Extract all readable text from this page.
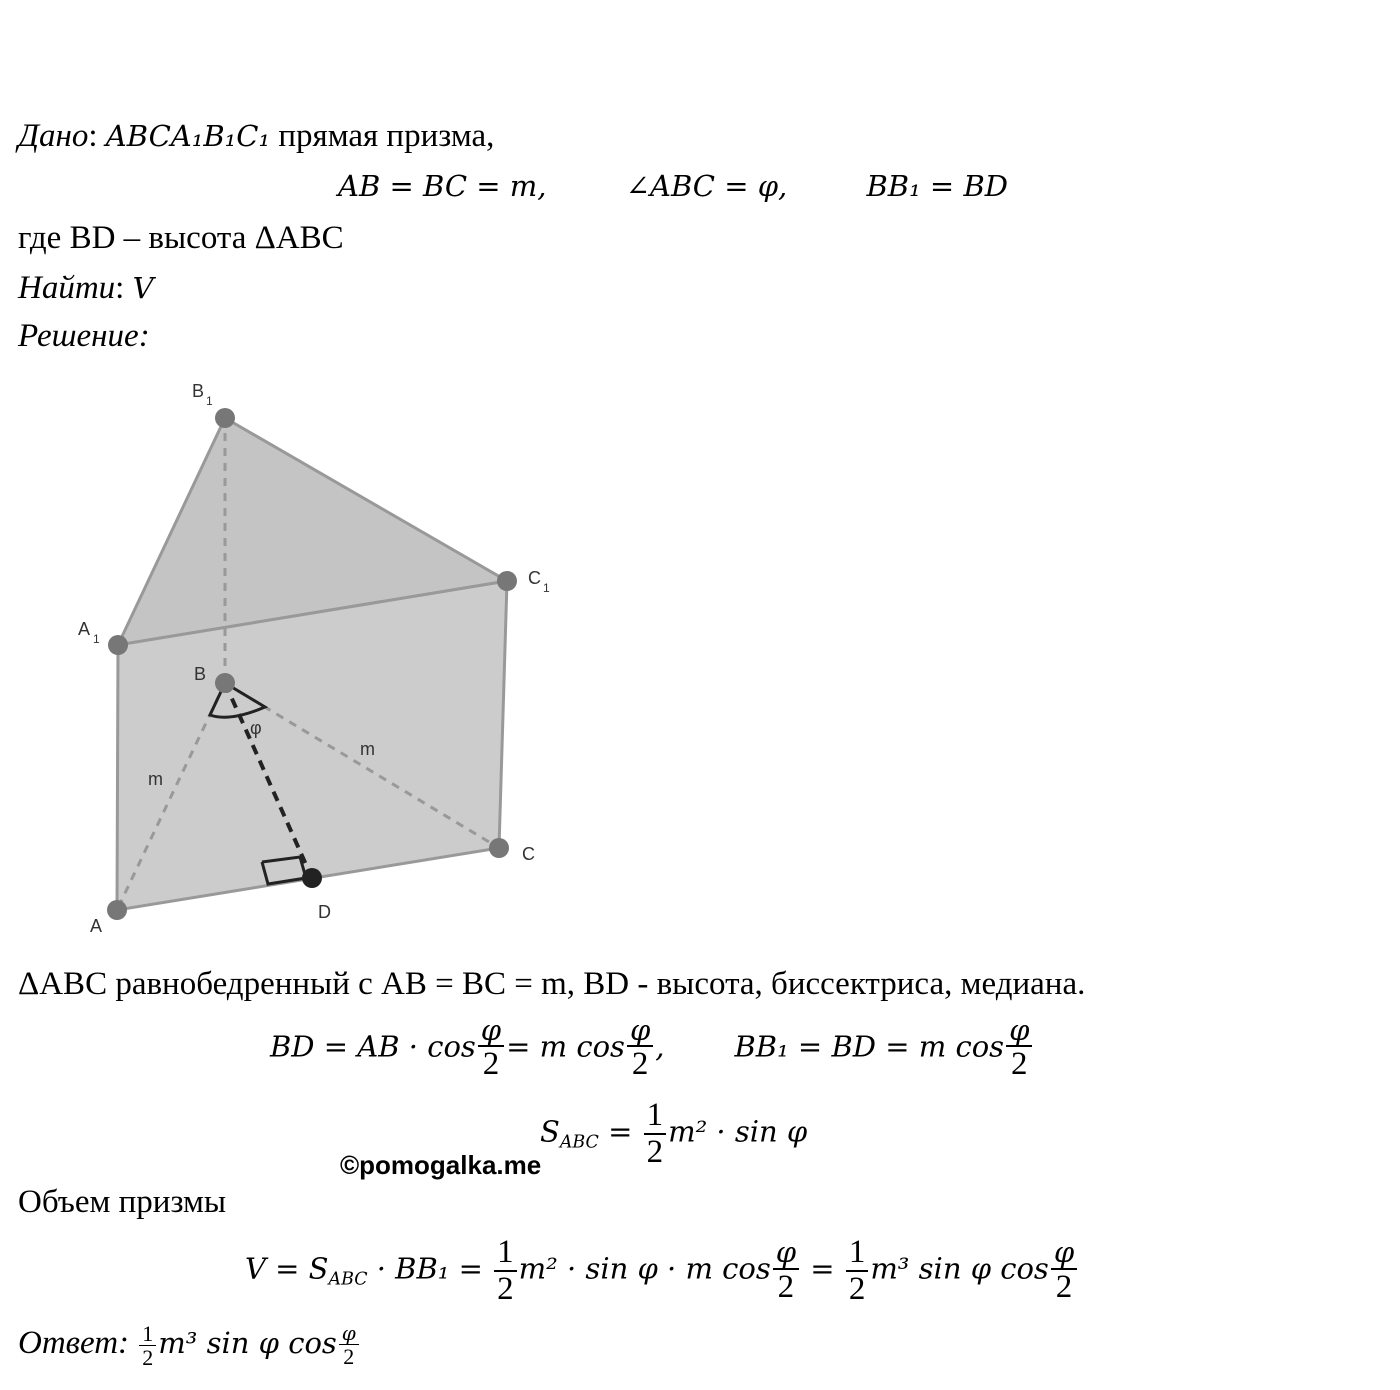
Дано: ABCA₁B₁C₁ прямая призма,
AB = BC = m,	∠ABC = φ,	BB₁ = BD
где BD – высота ΔABC
Найти: V
Решение:
B 1
A 1
C 1
B
A
C
D
m
m
φ
ΔABC равнобедренный с AB = BC = m, BD - высота, биссектриса, медиана.
BD = AB · $\cos \frac{\varphi}{2} = m$ $\cos \frac{\varphi}{2}$ , BB₁ = BD = m $\cos \frac{\varphi}{2}$
$S_{ABC} = \frac{1}{2} m^2 \cdot \sin \varphi$
©pomogalka.me
Объем призмы
$V = S_{ABC} \cdot BB_1 = \frac{1}{2} m^2 \cdot \sin \varphi \cdot m$ $\cos \frac{\varphi}{2} = \frac{1}{2} m^3$ sin φ $\cos \frac{\varphi}{2}$
Ответ: $\frac{1}{2} m^3$ sin φ $\cos \frac{\varphi}{2}$
